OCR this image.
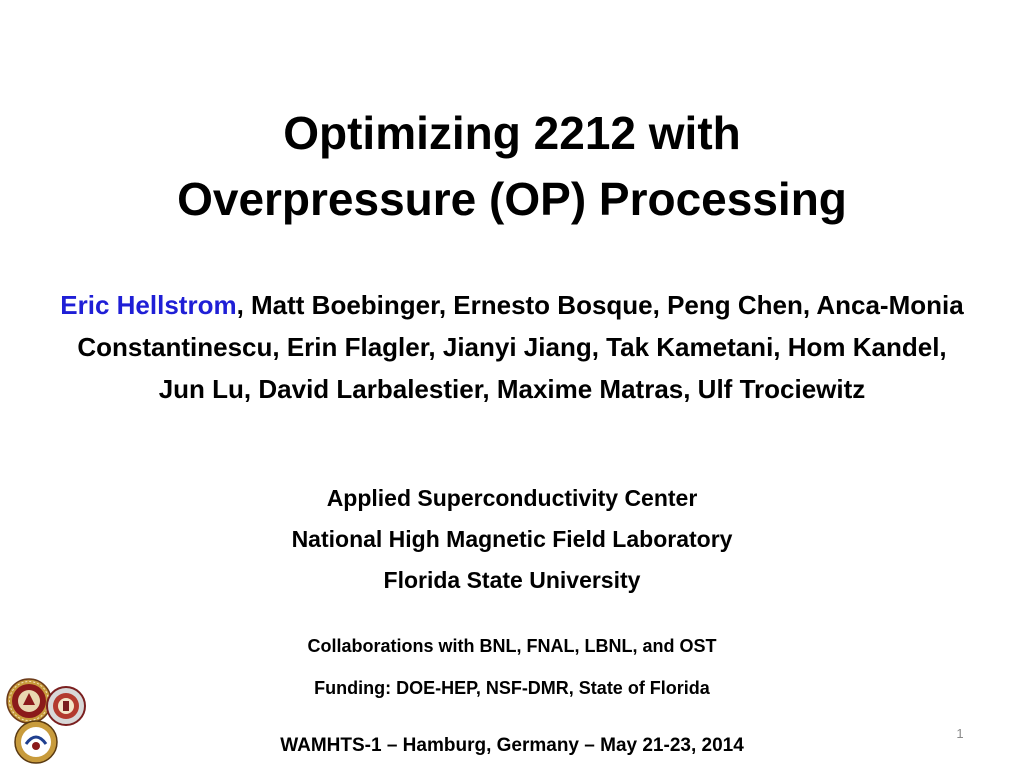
Optimizing 2212 with
Overpressure (OP) Processing
Eric Hellstrom, Matt Boebinger, Ernesto Bosque, Peng Chen, Anca-Monia Constantinescu, Erin Flagler, Jianyi Jiang, Tak Kametani, Hom Kandel, Jun Lu, David Larbalestier, Maxime Matras, Ulf Trociewitz
Applied Superconductivity Center
National High Magnetic Field Laboratory
Florida State University
Collaborations with BNL, FNAL, LBNL, and OST
Funding: DOE-HEP, NSF-DMR, State of Florida
WAMHTS-1 – Hamburg, Germany – May 21-23, 2014
1
